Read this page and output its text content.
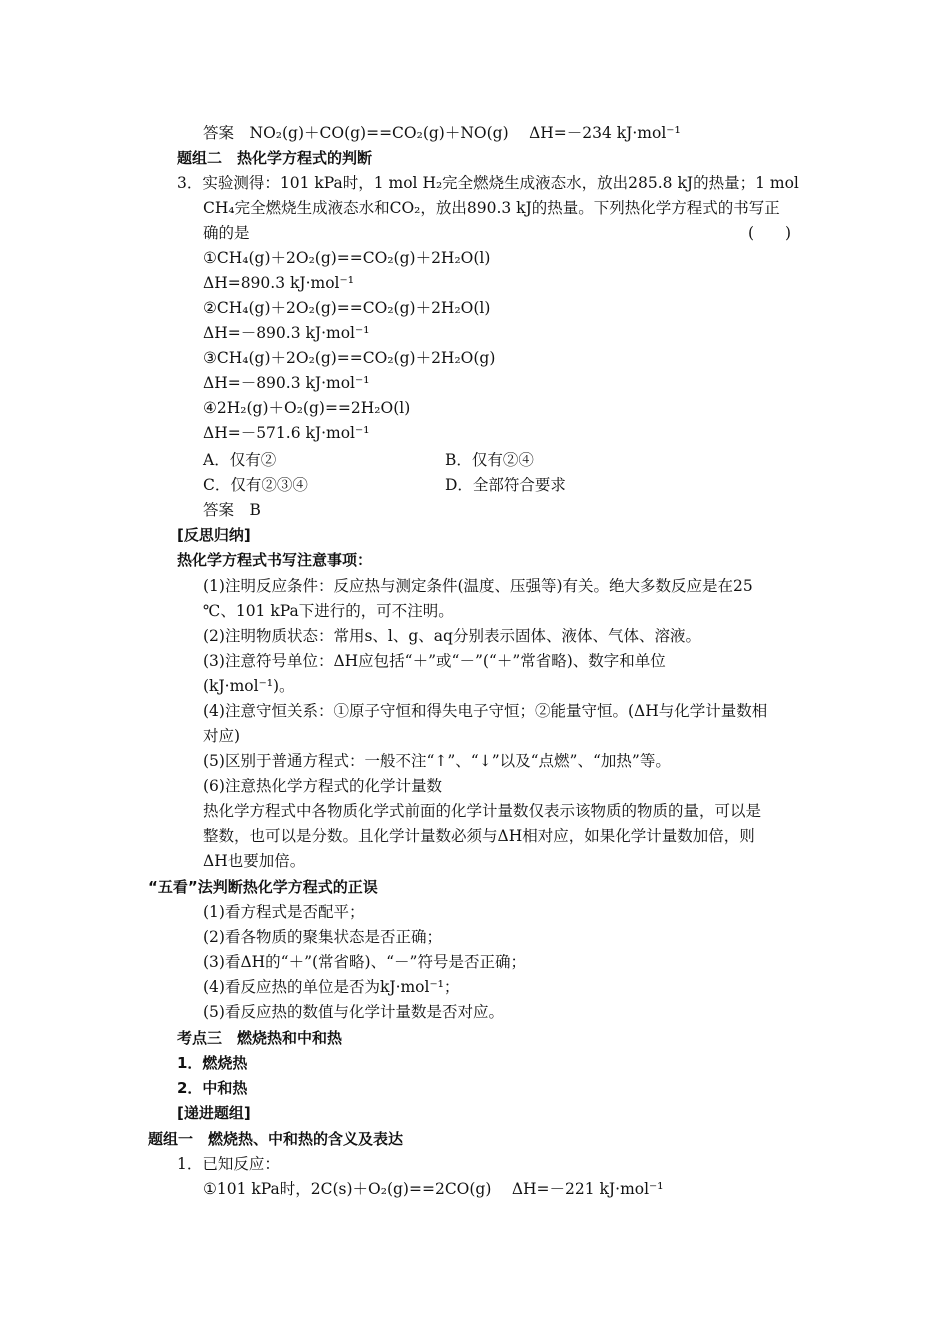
答案　NO₂(g)＋CO(g)==CO₂(g)＋NO(g)　 ΔH=－234 kJ·mol⁻¹
题组二　热化学方程式的判断
3．实验测得：101 kPa时，1 mol H₂完全燃烧生成液态水，放出285.8 kJ的热量；1 mol
CH₄完全燃烧生成液态水和CO₂，放出890.3 kJ的热量。下列热化学方程式的书写正
确的是	(　　)
①CH₄(g)＋2O₂(g)==CO₂(g)＋2H₂O(l)
ΔH=890.3 kJ·mol⁻¹
②CH₄(g)＋2O₂(g)==CO₂(g)＋2H₂O(l)
ΔH=－890.3 kJ·mol⁻¹
③CH₄(g)＋2O₂(g)==CO₂(g)＋2H₂O(g)
ΔH=－890.3 kJ·mol⁻¹
④2H₂(g)＋O₂(g)==2H₂O(l)
ΔH=－571.6 kJ·mol⁻¹
A．仅有②	B．仅有②④
C．仅有②③④	D．全部符合要求
答案　B
[反思归纳]
热化学方程式书写注意事项：
(1)注明反应条件：反应热与测定条件(温度、压强等)有关。绝大多数反应是在25
℃、101 kPa下进行的，可不注明。
(2)注明物质状态：常用s、l、g、aq分别表示固体、液体、气体、溶液。
(3)注意符号单位：ΔH应包括“＋”或“－”(“＋”常省略)、数字和单位
(kJ·mol⁻¹)。
(4)注意守恒关系：①原子守恒和得失电子守恒；②能量守恒。(ΔH与化学计量数相
对应)
(5)区别于普通方程式：一般不注“↑”、“↓”以及“点燃”、“加热”等。
(6)注意热化学方程式的化学计量数
热化学方程式中各物质化学式前面的化学计量数仅表示该物质的物质的量，可以是
整数，也可以是分数。且化学计量数必须与ΔH相对应，如果化学计量数加倍，则
ΔH也要加倍。
“五看”法判断热化学方程式的正误
(1)看方程式是否配平；
(2)看各物质的聚集状态是否正确；
(3)看ΔH的“＋”(常省略)、“－”符号是否正确；
(4)看反应热的单位是否为kJ·mol⁻¹；
(5)看反应热的数值与化学计量数是否对应。
考点三　燃烧热和中和热
1．燃烧热
2．中和热
[递进题组]
题组一　燃烧热、中和热的含义及表达
1．已知反应：
①101 kPa时，2C(s)＋O₂(g)==2CO(g)　 ΔH=－221 kJ·mol⁻¹
